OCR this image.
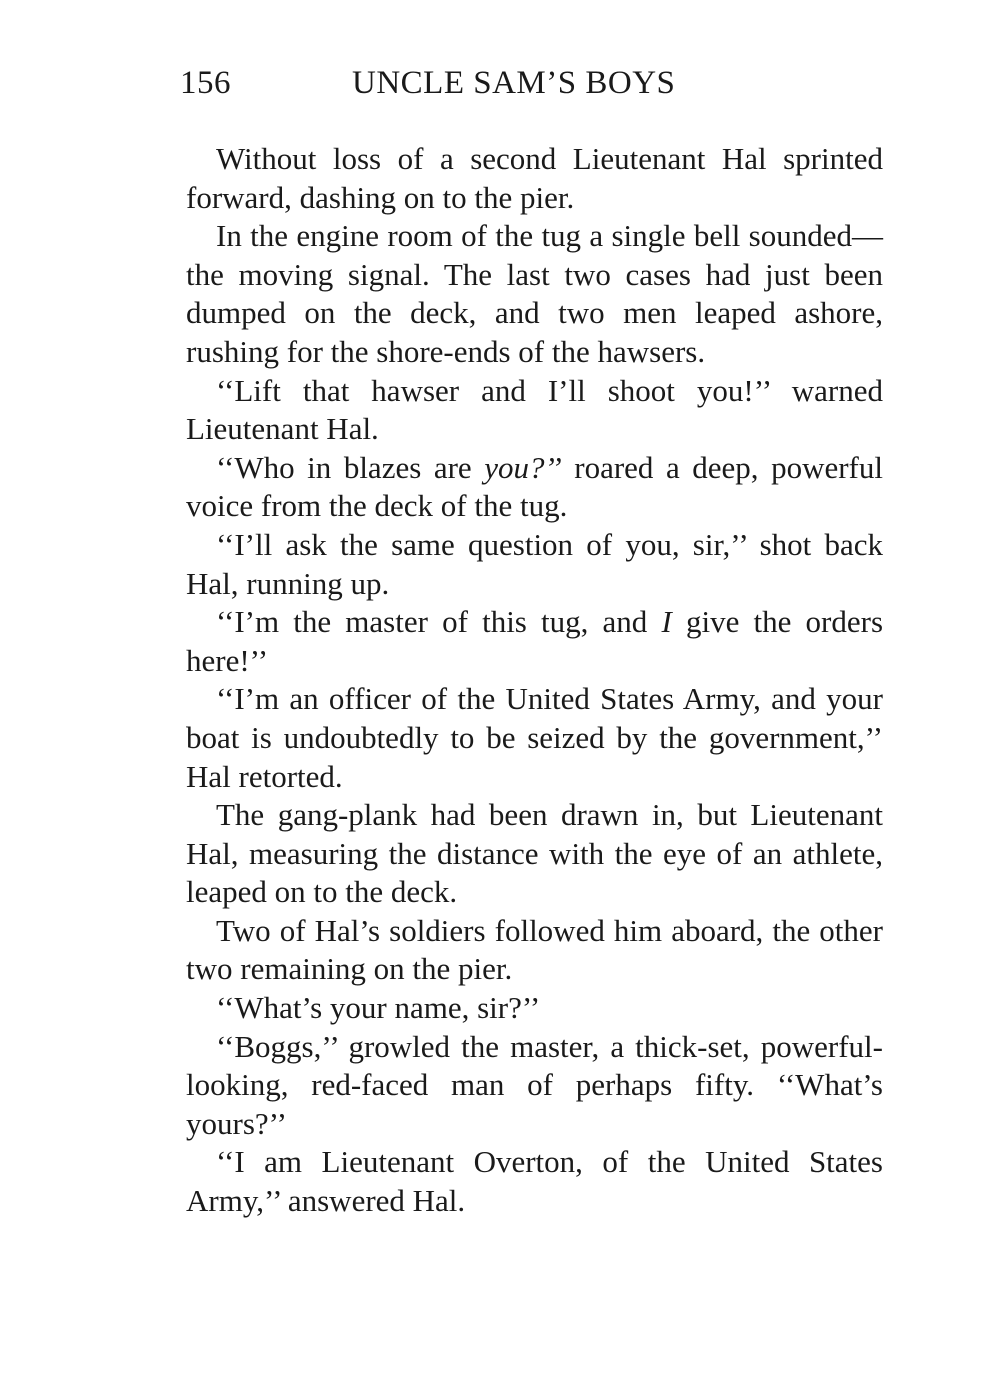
156	UNCLE SAM’S BOYS

Without loss of a second Lieutenant Hal sprinted forward, dashing on to the pier.

In the engine room of the tug a single bell sounded—the moving signal. The last two cases had just been dumped on the deck, and two men leaped ashore, rushing for the shore-ends of the hawsers.

‘‘Lift that hawser and I’ll shoot you!’’ warned Lieutenant Hal.

‘‘Who in blazes are you?’’ roared a deep, powerful voice from the deck of the tug.

‘‘I’ll ask the same question of you, sir,’’ shot back Hal, running up.

‘‘I’m the master of this tug, and I give the orders here!’’

‘‘I’m an officer of the United States Army, and your boat is undoubtedly to be seized by the government,’’ Hal retorted.

The gang-plank had been drawn in, but Lieutenant Hal, measuring the distance with the eye of an athlete, leaped on to the deck.

Two of Hal’s soldiers followed him aboard, the other two remaining on the pier.

‘‘What’s your name, sir?’’

‘‘Boggs,’’ growled the master, a thick-set, powerful-looking, red-faced man of perhaps fifty. ‘‘What’s yours?’’

‘‘I am Lieutenant Overton, of the United States Army,’’ answered Hal.
